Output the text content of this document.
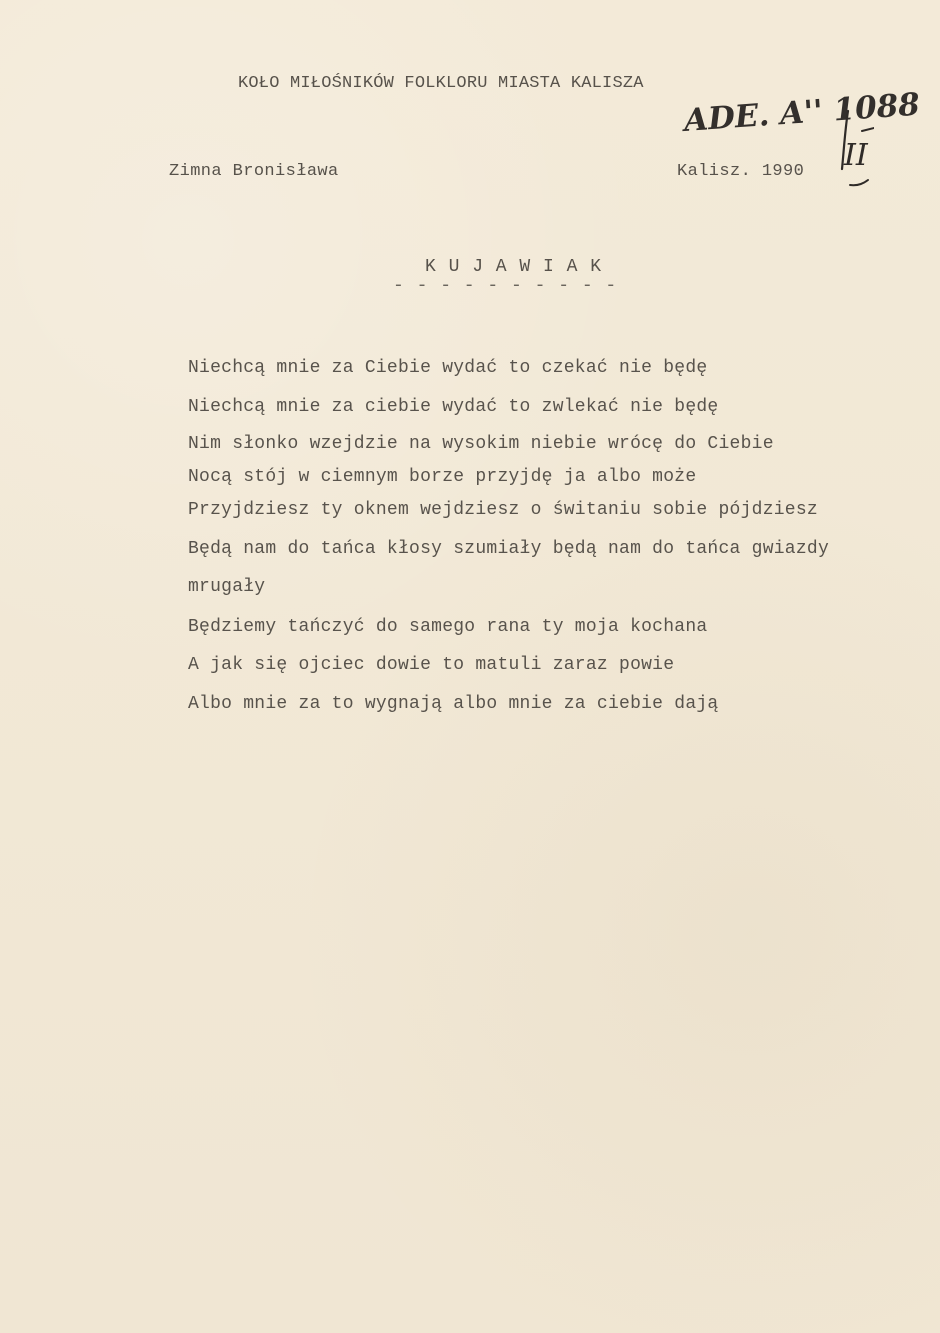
KOŁO MIŁOŚNIKÓW FOLKLORU MIASTA KALISZA
Zimna Bronisława	Kalisz. 1990
ADE. A'' 1088
II
K U J A W I A K
- - - - - - - - - -
Niechcą mnie za Ciebie wydać to czekać nie będę
Niechcą mnie za ciebie wydać to zwlekać nie będę
Nim słonko wzejdzie na wysokim niebie wrócę do Ciebie
Nocą stój w ciemnym borze przyjdę ja albo może
Przyjdziesz ty oknem wejdziesz o świtaniu sobie pójdziesz
Będą nam do tańca kłosy szumiały będą nam do tańca gwiazdy
mrugały
Będziemy tańczyć do samego rana ty moja kochana
A jak się ojciec dowie to matuli zaraz powie
Albo mnie za to wygnają albo mnie za ciebie dają
